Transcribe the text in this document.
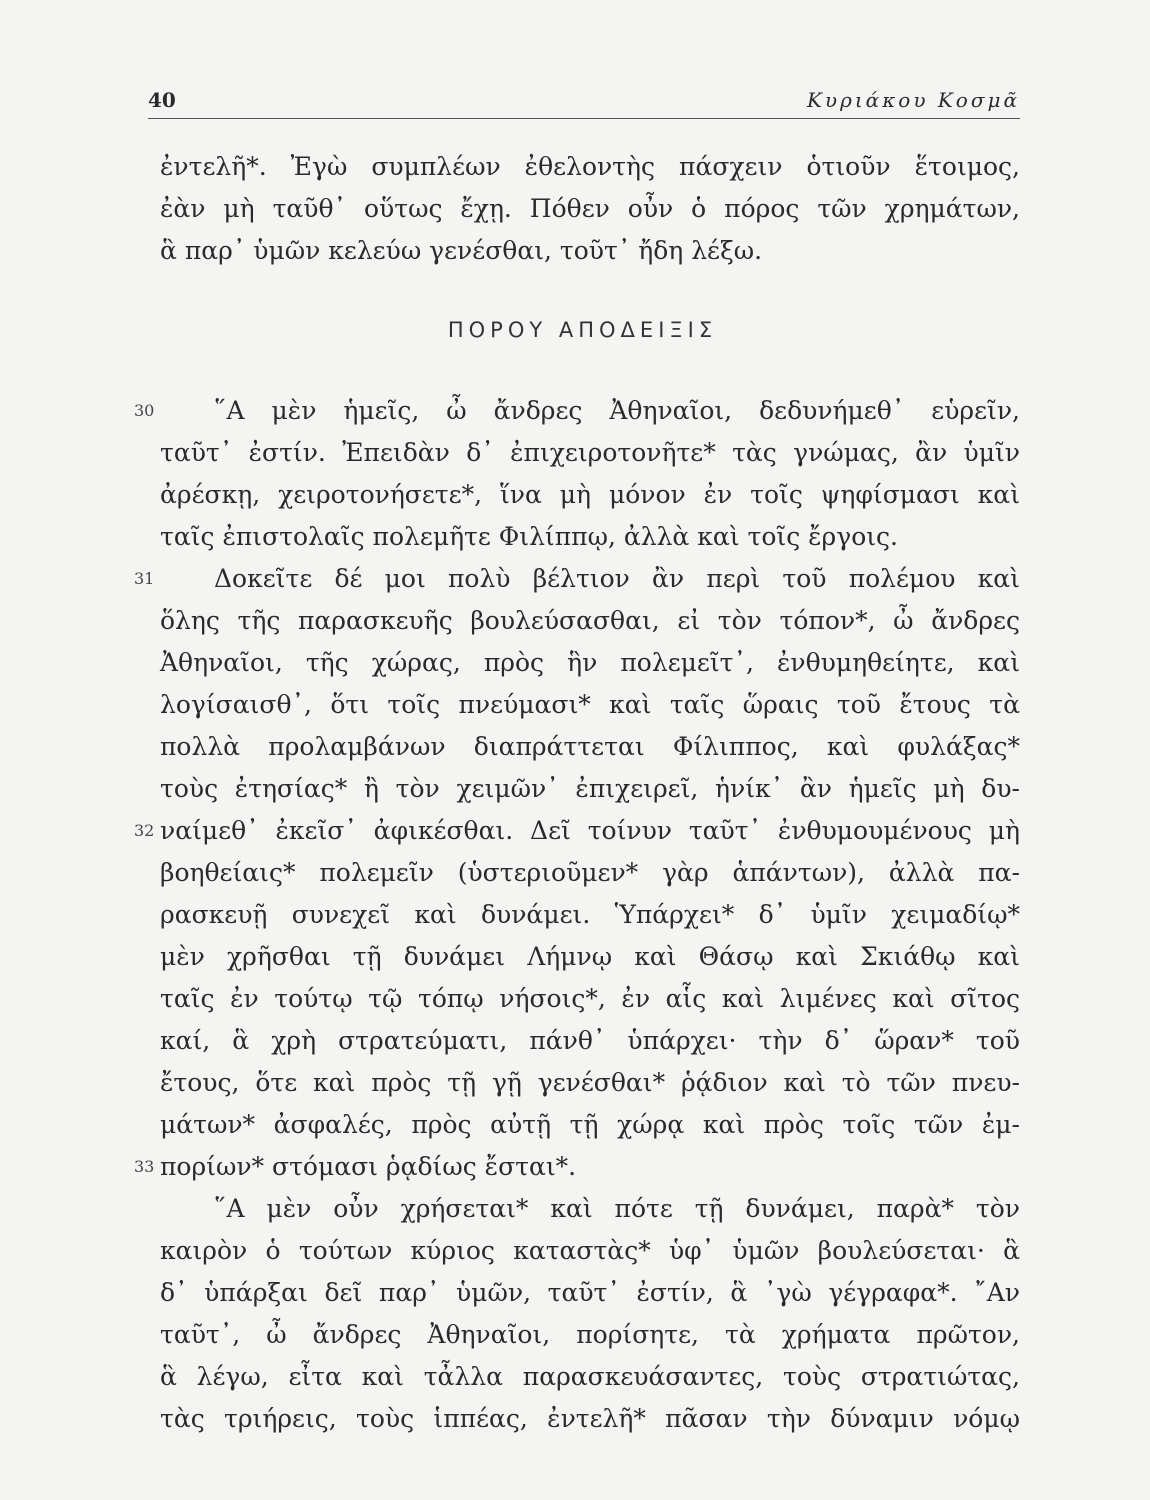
40	Κυριάκου Κοσμᾶ
ἐντελῆ*. Ἐγὼ συμπλέων ἐθελοντὴς πάσχειν ὁτιοῦν ἕτοιμος,
ἐὰν μὴ ταῦθ᾽ οὕτως ἔχῃ. Πόθεν οὖν ὁ πόρος τῶν χρημάτων,
ἃ παρ᾽ ὑμῶν κελεύω γενέσθαι, τοῦτ᾽ ἤδη λέξω.
ΠΟΡΟΥ ΑΠΟΔΕΙΞΙΣ
30
31
32
33
῞Α μὲν ἡμεῖς, ὦ ἄνδρες Ἀθηναῖοι, δεδυνήμεθ᾽ εὑρεῖν,
ταῦτ᾽ ἐστίν. Ἐπειδὰν δ᾽ ἐπιχειροτονῆτε* τὰς γνώμας, ἂν ὑμῖν
ἀρέσκῃ, χειροτονήσετε*, ἵνα μὴ μόνον ἐν τοῖς ψηφίσμασι καὶ
ταῖς ἐπιστολαῖς πολεμῆτε Φιλίππῳ, ἀλλὰ καὶ τοῖς ἔργοις.
Δοκεῖτε δέ μοι πολὺ βέλτιον ἂν περὶ τοῦ πολέμου καὶ
ὅλης τῆς παρασκευῆς βουλεύσασθαι, εἰ τὸν τόπον*, ὦ ἄνδρες
Ἀθηναῖοι, τῆς χώρας, πρὸς ἣν πολεμεῖτ᾽, ἐνθυμηθείητε, καὶ
λογίσαισθ᾽, ὅτι τοῖς πνεύμασι* καὶ ταῖς ὥραις τοῦ ἔτους τὰ
πολλὰ προλαμβάνων διαπράττεται Φίλιππος, καὶ φυλάξας*
τοὺς ἐτησίας* ἢ τὸν χειμῶν᾽ ἐπιχειρεῖ, ἡνίκ᾽ ἂν ἡμεῖς μὴ δυ-
ναίμεθ᾽ ἐκεῖσ᾽ ἀφικέσθαι. Δεῖ τοίνυν ταῦτ᾽ ἐνθυμουμένους μὴ
βοηθείαις* πολεμεῖν (ὑστεριοῦμεν* γὰρ ἁπάντων), ἀλλὰ πα-
ρασκευῇ συνεχεῖ καὶ δυνάμει. Ὑπάρχει* δ᾽ ὑμῖν χειμαδίῳ*
μὲν χρῆσθαι τῇ δυνάμει Λήμνῳ καὶ Θάσῳ καὶ Σκιάθῳ καὶ
ταῖς ἐν τούτῳ τῷ τόπῳ νήσοις*, ἐν αἷς καὶ λιμένες καὶ σῖτος
καί, ἃ χρὴ στρατεύματι, πάνθ᾽ ὑπάρχει· τὴν δ᾽ ὥραν* τοῦ
ἔτους, ὅτε καὶ πρὸς τῇ γῇ γενέσθαι* ῥᾴδιον καὶ τὸ τῶν πνευ-
μάτων* ἀσφαλές, πρὸς αὐτῇ τῇ χώρᾳ καὶ πρὸς τοῖς τῶν ἐμ-
πορίων* στόμασι ῥᾳδίως ἔσται*.
῞Α μὲν οὖν χρήσεται* καὶ πότε τῇ δυνάμει, παρὰ* τὸν
καιρὸν ὁ τούτων κύριος καταστὰς* ὑφ᾽ ὑμῶν βουλεύσεται· ἃ
δ᾽ ὑπάρξαι δεῖ παρ᾽ ὑμῶν, ταῦτ᾽ ἐστίν, ἃ ᾽γὼ γέγραφα*. ῎Αν
ταῦτ᾽, ὦ ἄνδρες Ἀθηναῖοι, πορίσητε, τὰ χρήματα πρῶτον,
ἃ λέγω, εἶτα καὶ τἆλλα παρασκευάσαντες, τοὺς στρατιώτας,
τὰς τριήρεις, τοὺς ἱππέας, ἐντελῆ* πᾶσαν τὴν δύναμιν νόμῳ
